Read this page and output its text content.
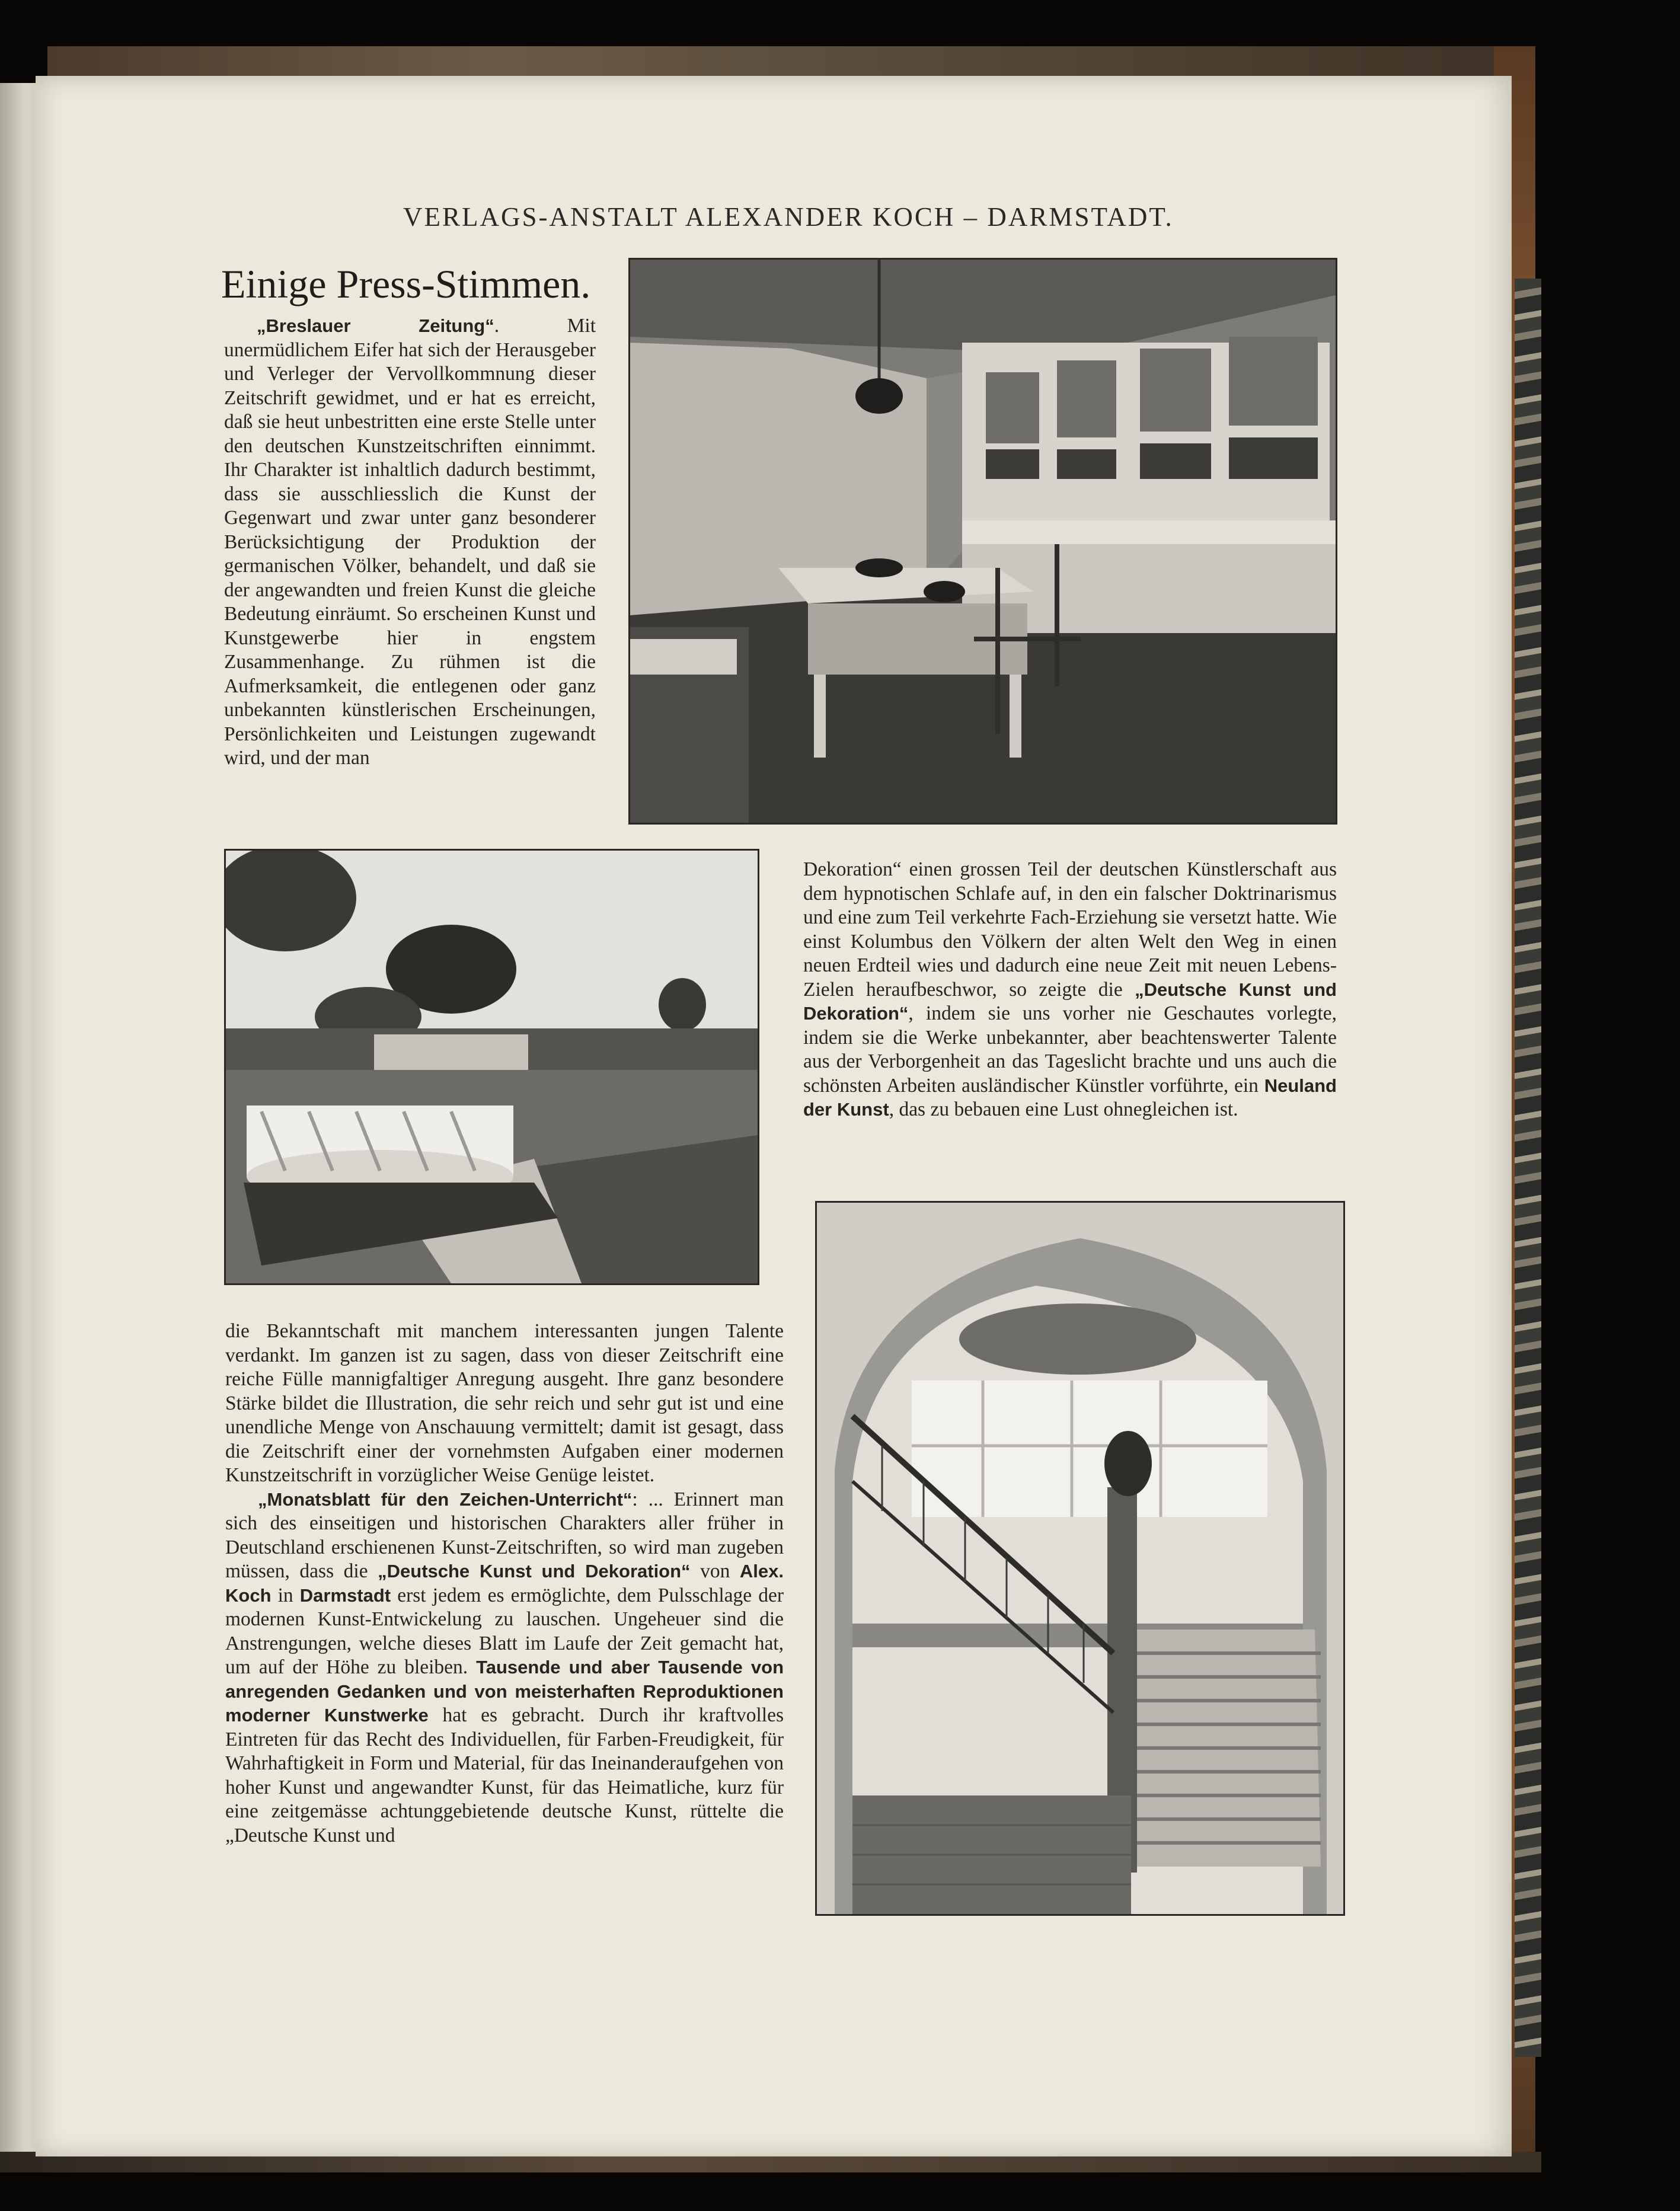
VERLAGS-ANSTALT ALEXANDER KOCH – DARMSTADT.
Einige Press-Stimmen.

„Breslauer Zeitung“. Mit unermüdlichem Eifer hat sich der Herausgeber und Verleger der Vervollkommnung dieser Zeitschrift gewidmet, und er hat es erreicht, daß sie heut unbestritten eine erste Stelle unter den deutschen Kunstzeitschriften einnimmt. Ihr Charakter ist inhaltlich dadurch bestimmt, dass sie ausschliesslich die Kunst der Gegenwart und zwar unter ganz besonderer Berücksichtigung der Produktion der germanischen Völker, behandelt, und daß sie der angewandten und freien Kunst die gleiche Bedeutung einräumt. So erscheinen Kunst und Kunstgewerbe hier in engstem Zusammenhange. Zu rühmen ist die Aufmerksamkeit, die entlegenen oder ganz unbekannten künstlerischen Erscheinungen, Persönlichkeiten und Leistungen zugewandt wird, und der man

Dekoration“ einen grossen Teil der deutschen Künstlerschaft aus dem hypnotischen Schlafe auf, in den ein falscher Doktrinarismus und eine zum Teil verkehrte Fach-Erziehung sie versetzt hatte. Wie einst Kolumbus den Völkern der alten Welt den Weg in einen neuen Erdteil wies und dadurch eine neue Zeit mit neuen Lebens-Zielen heraufbeschwor, so zeigte die „Deutsche Kunst und Dekoration“, indem sie uns vorher nie Geschautes vorlegte, indem sie die Werke unbekannter, aber beachtenswerter Talente aus der Verborgenheit an das Tageslicht brachte und uns auch die schönsten Arbeiten ausländischer Künstler vorführte, ein Neuland der Kunst, das zu bebauen eine Lust ohnegleichen ist.

die Bekanntschaft mit manchem interessanten jungen Talente verdankt. Im ganzen ist zu sagen, dass von dieser Zeitschrift eine reiche Fülle mannigfaltiger Anregung ausgeht. Ihre ganz besondere Stärke bildet die Illustration, die sehr reich und sehr gut ist und eine unendliche Menge von Anschauung vermittelt; damit ist gesagt, dass die Zeitschrift einer der vornehmsten Aufgaben einer modernen Kunstzeitschrift in vorzüglicher Weise Genüge leistet.

„Monatsblatt für den Zeichen-Unterricht“: ... Erinnert man sich des einseitigen und historischen Charakters aller früher in Deutschland erschienenen Kunst-Zeitschriften, so wird man zugeben müssen, dass die „Deutsche Kunst und Dekoration“ von Alex. Koch in Darmstadt erst jedem es ermöglichte, dem Pulsschlage der modernen Kunst-Entwickelung zu lauschen. Ungeheuer sind die Anstrengungen, welche dieses Blatt im Laufe der Zeit gemacht hat, um auf der Höhe zu bleiben. Tausende und aber Tausende von anregenden Gedanken und von meisterhaften Reproduktionen moderner Kunstwerke hat es gebracht. Durch ihr kraftvolles Eintreten für das Recht des Individuellen, für Farben-Freudigkeit, für Wahrhaftigkeit in Form und Material, für das Ineinanderaufgehen von hoher Kunst und angewandter Kunst, für das Heimatliche, kurz für eine zeitgemässe achtunggebietende deutsche Kunst, rüttelte die „Deutsche Kunst und
